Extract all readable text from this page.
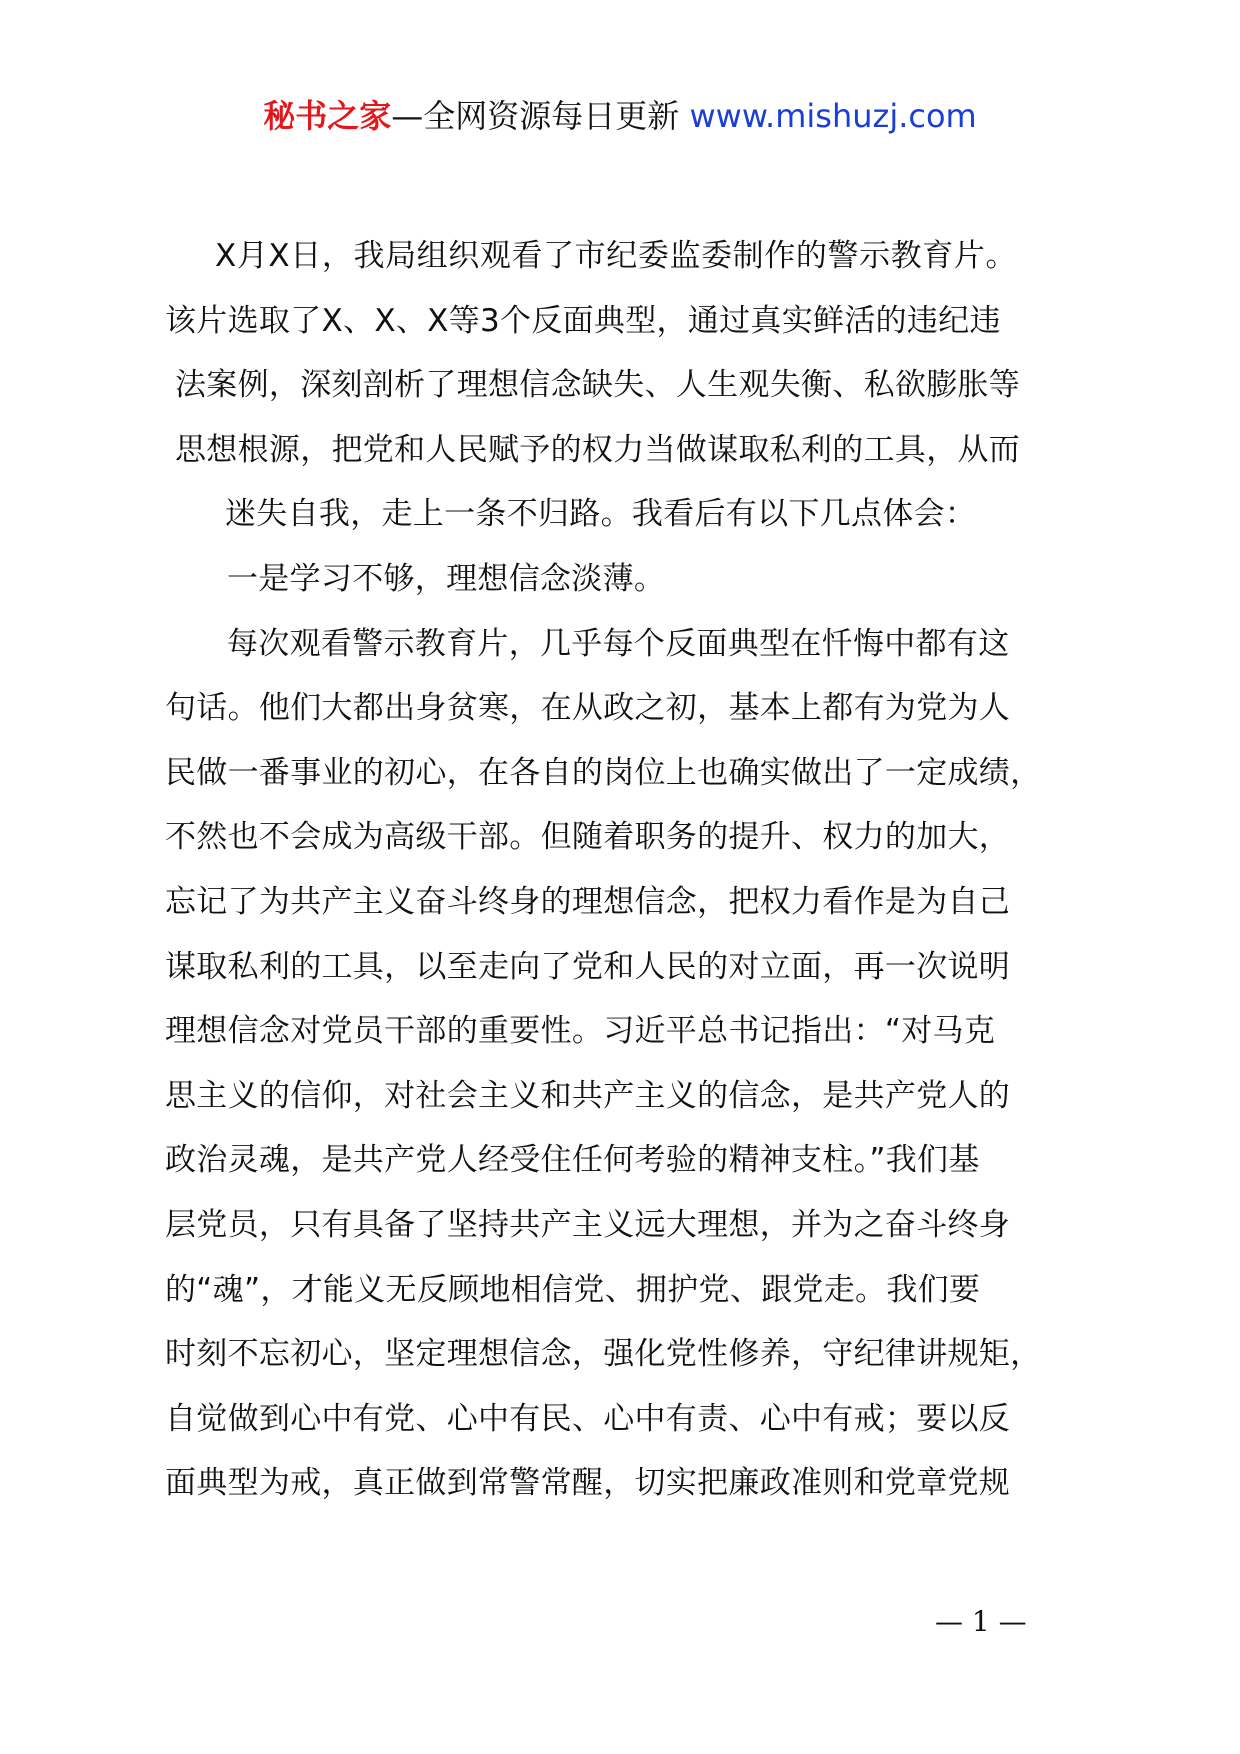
秘书之家—全网资源每日更新 www.mishuzj.com
X月X日，我局组织观看了市纪委监委制作的警示教育片。
该片选取了X、X、X等3个反面典型，通过真实鲜活的违纪违
法案例，深刻剖析了理想信念缺失、人生观失衡、私欲膨胀等
思想根源，把党和人民赋予的权力当做谋取私利的工具，从而
迷失自我，走上一条不归路。我看后有以下几点体会：
一是学习不够，理想信念淡薄。
每次观看警示教育片，几乎每个反面典型在忏悔中都有这
句话。他们大都出身贫寒，在从政之初，基本上都有为党为人
民做一番事业的初心，在各自的岗位上也确实做出了一定成绩，
不然也不会成为高级干部。但随着职务的提升、权力的加大，
忘记了为共产主义奋斗终身的理想信念，把权力看作是为自己
谋取私利的工具，以至走向了党和人民的对立面，再一次说明
理想信念对党员干部的重要性。习近平总书记指出：“对马克
思主义的信仰，对社会主义和共产主义的信念，是共产党人的
政治灵魂，是共产党人经受住任何考验的精神支柱。”我们基
层党员，只有具备了坚持共产主义远大理想，并为之奋斗终身
的“魂”，才能义无反顾地相信党、拥护党、跟党走。我们要
时刻不忘初心，坚定理想信念，强化党性修养，守纪律讲规矩，
自觉做到心中有党、心中有民、心中有责、心中有戒；要以反
面典型为戒，真正做到常警常醒，切实把廉政准则和党章党规
— 1 —
